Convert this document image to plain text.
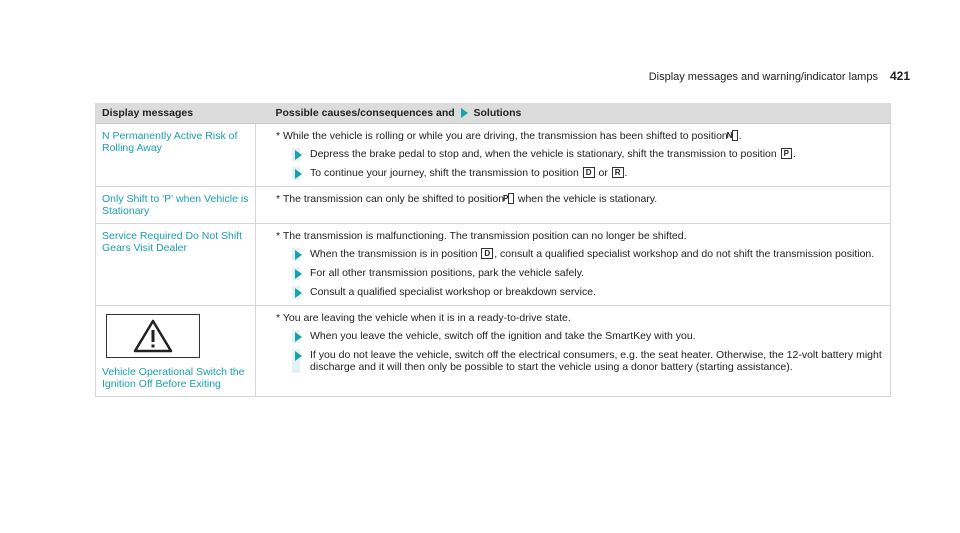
Display messages and warning/indicator lamps 421
Display messages	Possible causes/consequences and Solutions
N Permanently Active Risk of Rolling Away	* While the vehicle is rolling or while you are driving, the transmission has been shifted to position N .
Depress the brake pedal to stop and, when the vehicle is stationary, shift the transmission to position P .
To continue your journey, shift the transmission to position D or R .

Only Shift to 'P' when Vehicle is Stationary	* The transmission can only be shifted to position P when the vehicle is stationary.

Service Required Do Not Shift Gears Visit Dealer	* The transmission is malfunctioning. The transmission position can no longer be shifted.
When the transmission is in position D , consult a qualified specialist workshop and do not shift the transmission position.
For all other transmission positions, park the vehicle safely.
Consult a qualified specialist workshop or breakdown service.

Vehicle Operational Switch the Ignition Off Before Exiting	* You are leaving the vehicle when it is in a ready-to-drive state.
When you leave the vehicle, switch off the ignition and take the SmartKey with you.
If you do not leave the vehicle, switch off the electrical consumers, e.g. the seat heater. Otherwise, the 12-volt battery might discharge and it will then only be possible to start the vehicle using a donor battery (starting assistance).
